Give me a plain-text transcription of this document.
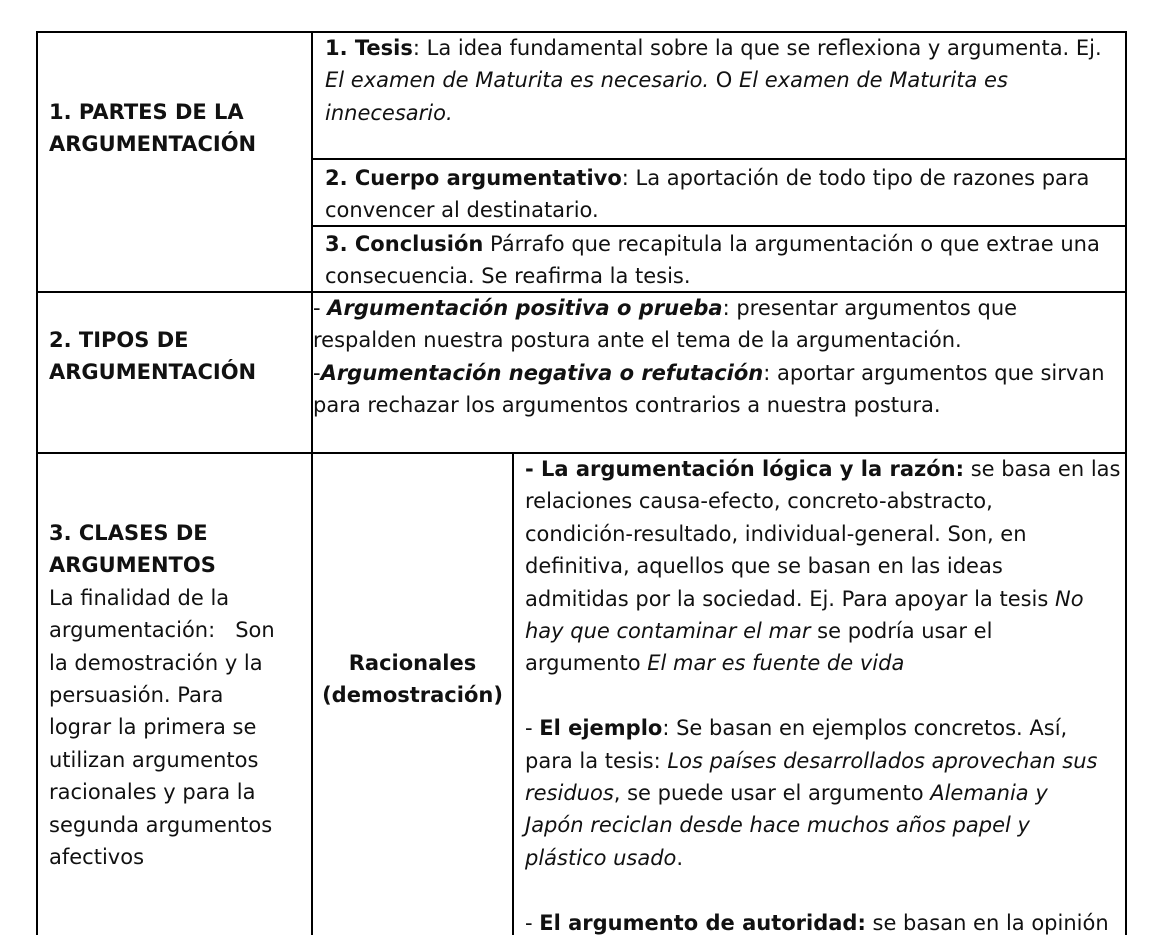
1. PARTES DE LA
ARGUMENTACIÓN
1. Tesis: La idea fundamental sobre la que se reflexiona y argumenta. Ej.
El examen de Maturita es necesario. O El examen de Maturita es
innecesario.
2. Cuerpo argumentativo: La aportación de todo tipo de razones para
convencer al destinatario.
3. Conclusión Párrafo que recapitula la argumentación o que extrae una
consecuencia. Se reafirma la tesis.
2. TIPOS DE
ARGUMENTACIÓN
- Argumentación positiva o prueba: presentar argumentos que
respalden nuestra postura ante el tema de la argumentación.
-Argumentación negativa o refutación: aportar argumentos que sirvan
para rechazar los argumentos contrarios a nuestra postura.
3. CLASES DE
ARGUMENTOS
La finalidad de la
argumentación:   Son
la demostración y la
persuasión. Para
lograr la primera se
utilizan argumentos
racionales y para la
segunda argumentos
afectivos
Racionales
(demostración)
- La argumentación lógica y la razón: se basa en las
relaciones causa-efecto, concreto-abstracto,
condición-resultado, individual-general. Son, en
definitiva, aquellos que se basan en las ideas
admitidas por la sociedad. Ej. Para apoyar la tesis No
hay que contaminar el mar se podría usar el
argumento El mar es fuente de vida

- El ejemplo: Se basan en ejemplos concretos. Así,
para la tesis: Los países desarrollados aprovechan sus
residuos, se puede usar el argumento Alemania y
Japón reciclan desde hace muchos años papel y
plástico usado.

- El argumento de autoridad: se basan en la opinión
